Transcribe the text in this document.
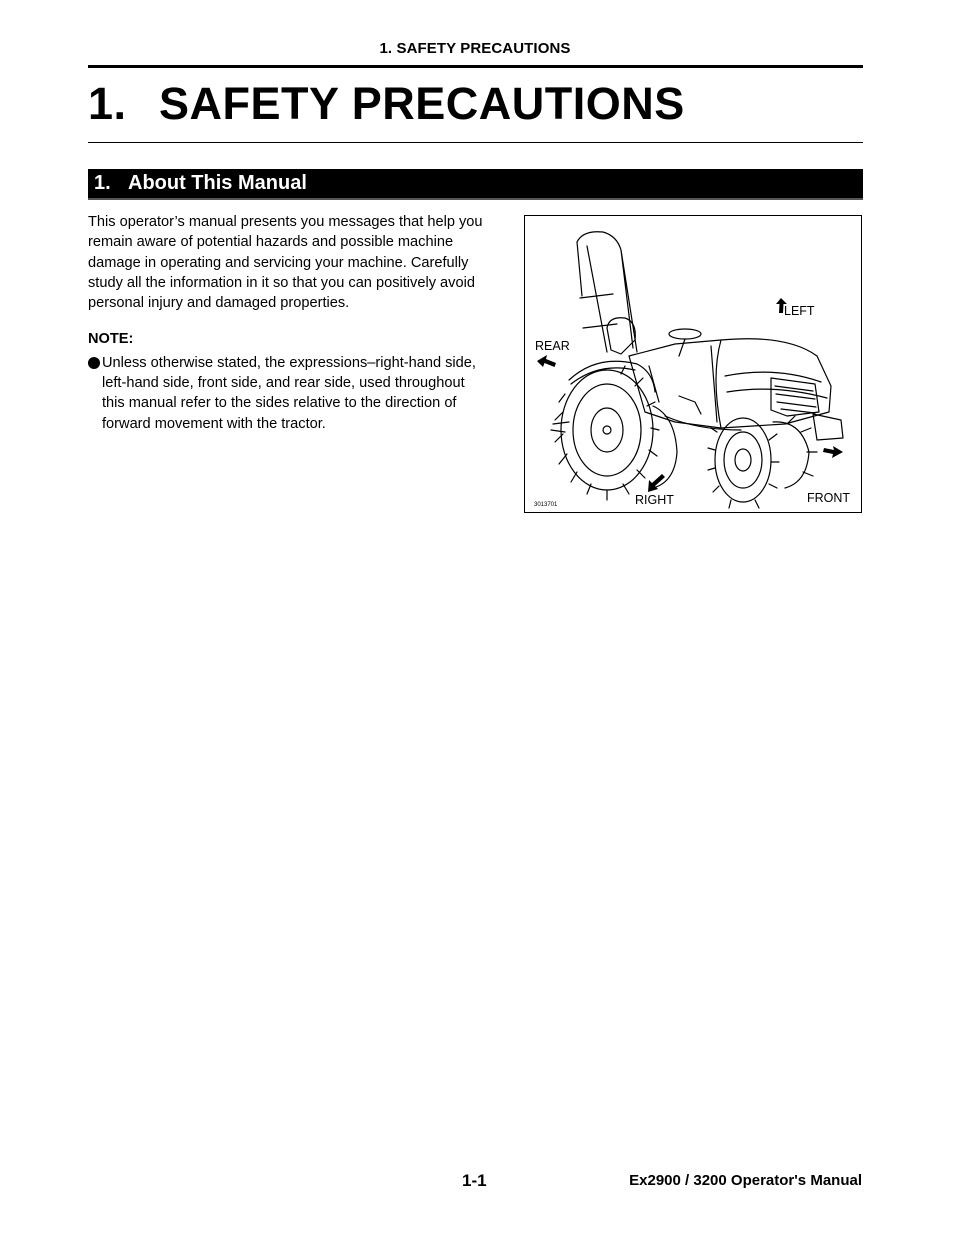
1. SAFETY PRECAUTIONS
1. SAFETY PRECAUTIONS
1. About This Manual

This operator’s manual presents you messages that help you remain aware of potential hazards and possible machine damage in operating and servicing your machine. Carefully study all the information in it so that you can positively avoid personal injury and damaged properties.

NOTE:

Unless otherwise stated, the expressions–right-hand side, left-hand side, front side, and rear side, used throughout this manual refer to the sides relative to the direction of forward movement with the tractor.

LEFT
REAR
RIGHT	FRONT
3013701
1-1	Ex2900 / 3200 Operator's Manual
